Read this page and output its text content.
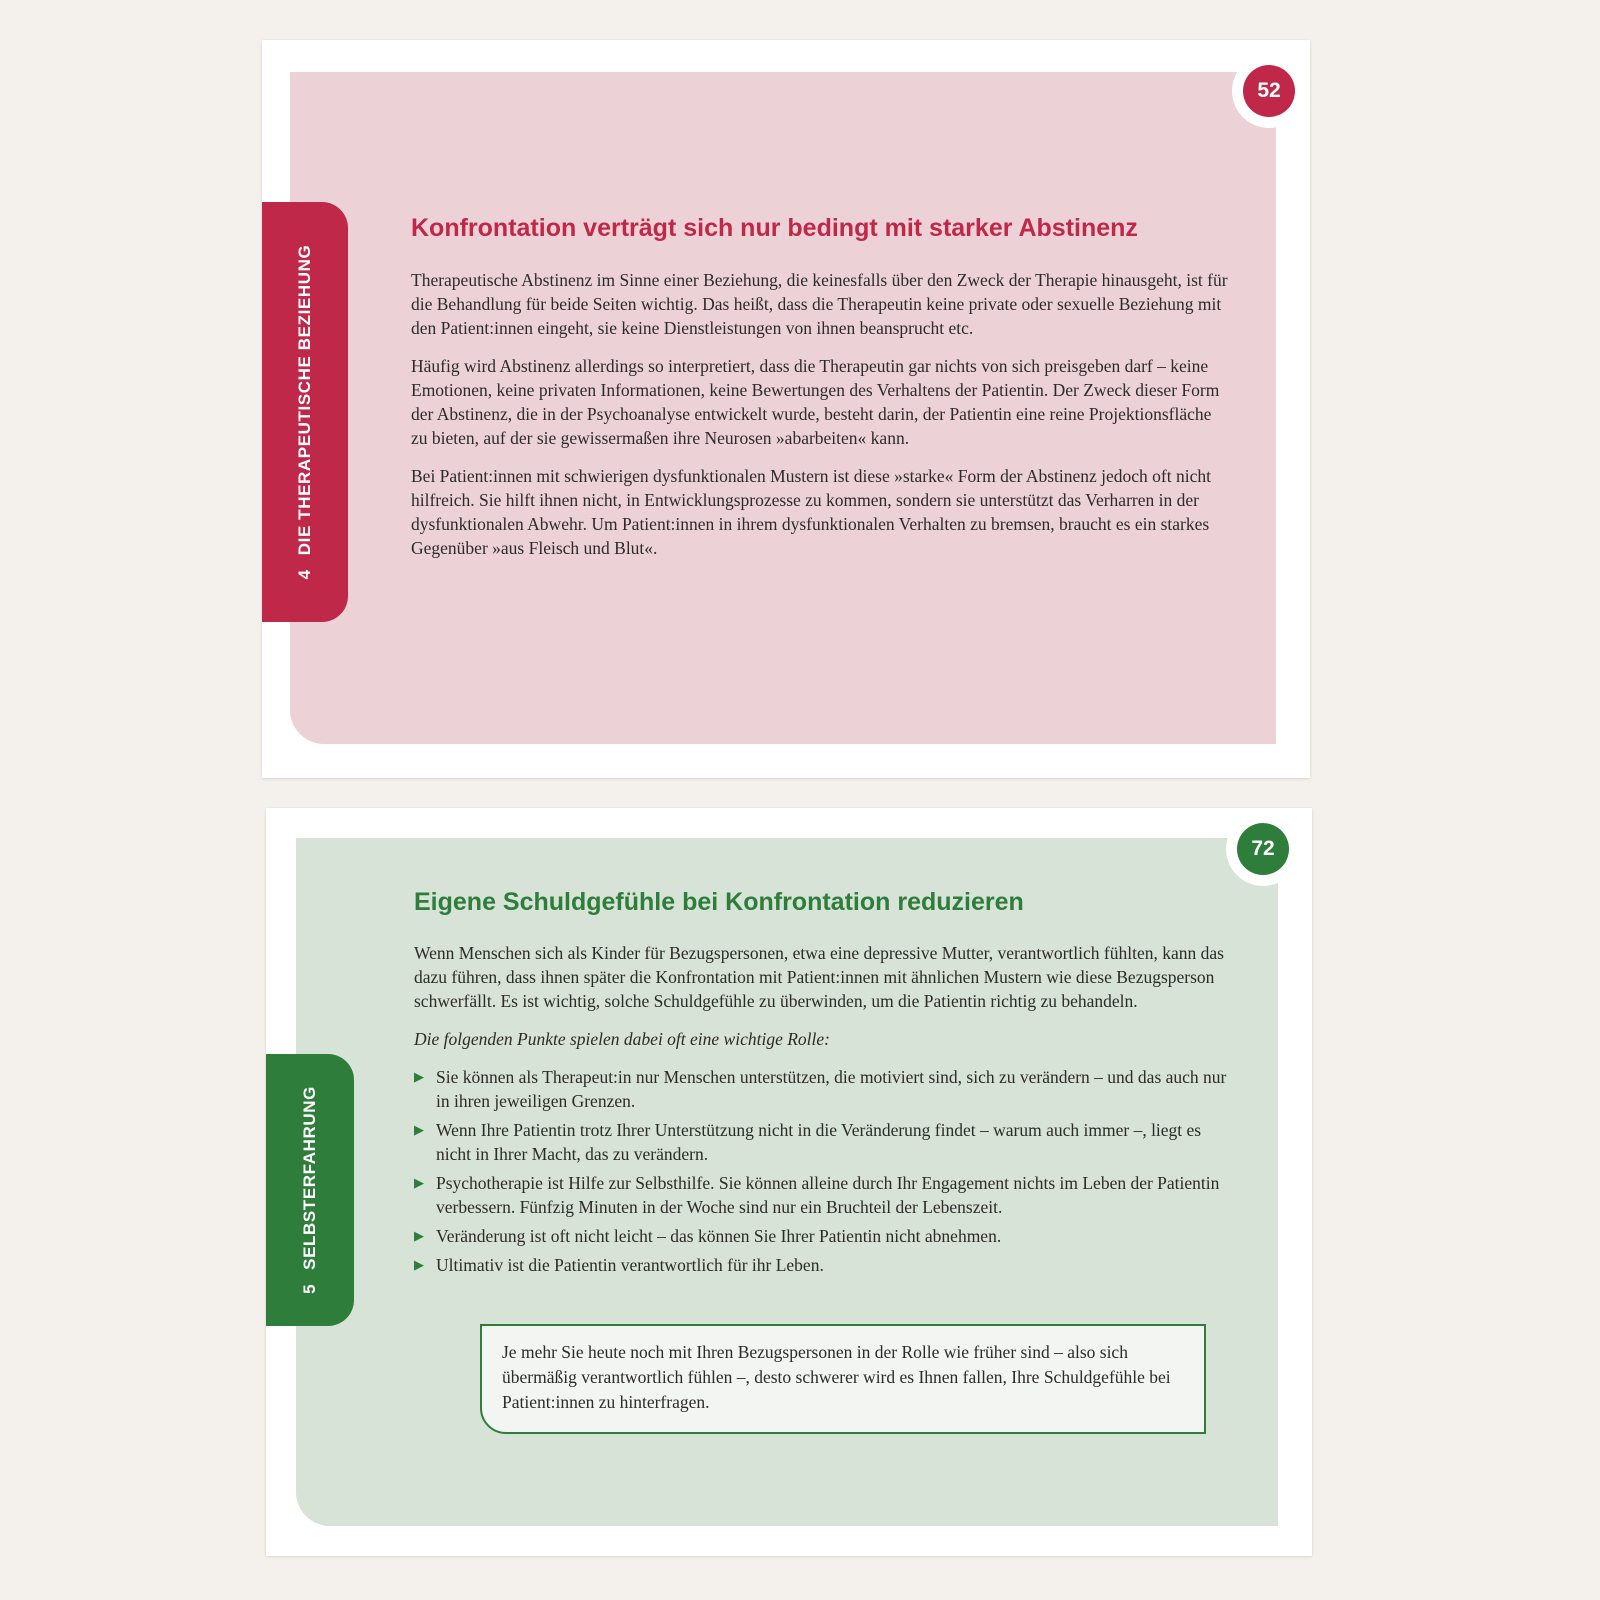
4DIE THERAPEUTISCHE BEZIEHUNG
52
Konfrontation verträgt sich nur bedingt mit starker Abstinenz

Therapeutische Abstinenz im Sinne einer Beziehung, die keinesfalls über den Zweck der Therapie hinausgeht, ist für die Behandlung für beide Seiten wichtig. Das heißt, dass die Therapeutin keine private oder sexuelle Beziehung mit den Patient:innen eingeht, sie keine Dienstleistungen von ihnen beansprucht etc.

Häufig wird Abstinenz allerdings so interpretiert, dass die Therapeutin gar nichts von sich preisgeben darf – keine Emotionen, keine privaten Informationen, keine Bewertungen des Verhaltens der Patientin. Der Zweck dieser Form der Abstinenz, die in der Psychoanalyse entwickelt wurde, besteht darin, der Patientin eine reine Projektionsfläche zu bieten, auf der sie gewissermaßen ihre Neurosen »abarbeiten« kann.

Bei Patient:innen mit schwierigen dysfunktionalen Mustern ist diese »starke« Form der Abstinenz jedoch oft nicht hilfreich. Sie hilft ihnen nicht, in Entwicklungsprozesse zu kommen, sondern sie unterstützt das Verharren in der dysfunktionalen Abwehr. Um Patient:innen in ihrem dysfunktionalen Verhalten zu bremsen, braucht es ein starkes Gegenüber »aus Fleisch und Blut«.

5SELBSTERFAHRUNG
72
Eigene Schuldgefühle bei Konfrontation reduzieren

Wenn Menschen sich als Kinder für Bezugspersonen, etwa eine depressive Mutter, verantwortlich fühlten, kann das dazu führen, dass ihnen später die Konfrontation mit Patient:innen mit ähnlichen Mustern wie diese Bezugsperson schwerfällt. Es ist wichtig, solche Schuldgefühle zu überwinden, um die Patientin richtig zu behandeln.

Die folgenden Punkte spielen dabei oft eine wichtige Rolle:

▶ Sie können als Therapeut:in nur Menschen unterstützen, die motiviert sind, sich zu verändern – und das auch nur in ihren jeweiligen Grenzen.
▶ Wenn Ihre Patientin trotz Ihrer Unterstützung nicht in die Veränderung findet – warum auch immer –, liegt es nicht in Ihrer Macht, das zu verändern.
▶ Psychotherapie ist Hilfe zur Selbsthilfe. Sie können alleine durch Ihr Engagement nichts im Leben der Patientin verbessern. Fünfzig Minuten in der Woche sind nur ein Bruchteil der Lebenszeit.
▶ Veränderung ist oft nicht leicht – das können Sie Ihrer Patientin nicht abnehmen.
▶ Ultimativ ist die Patientin verantwortlich für ihr Leben.
Je mehr Sie heute noch mit Ihren Bezugspersonen in der Rolle wie früher sind – also sich übermäßig verantwortlich fühlen –, desto schwerer wird es Ihnen fallen, Ihre Schuldgefühle bei Patient:innen zu hinterfragen.
